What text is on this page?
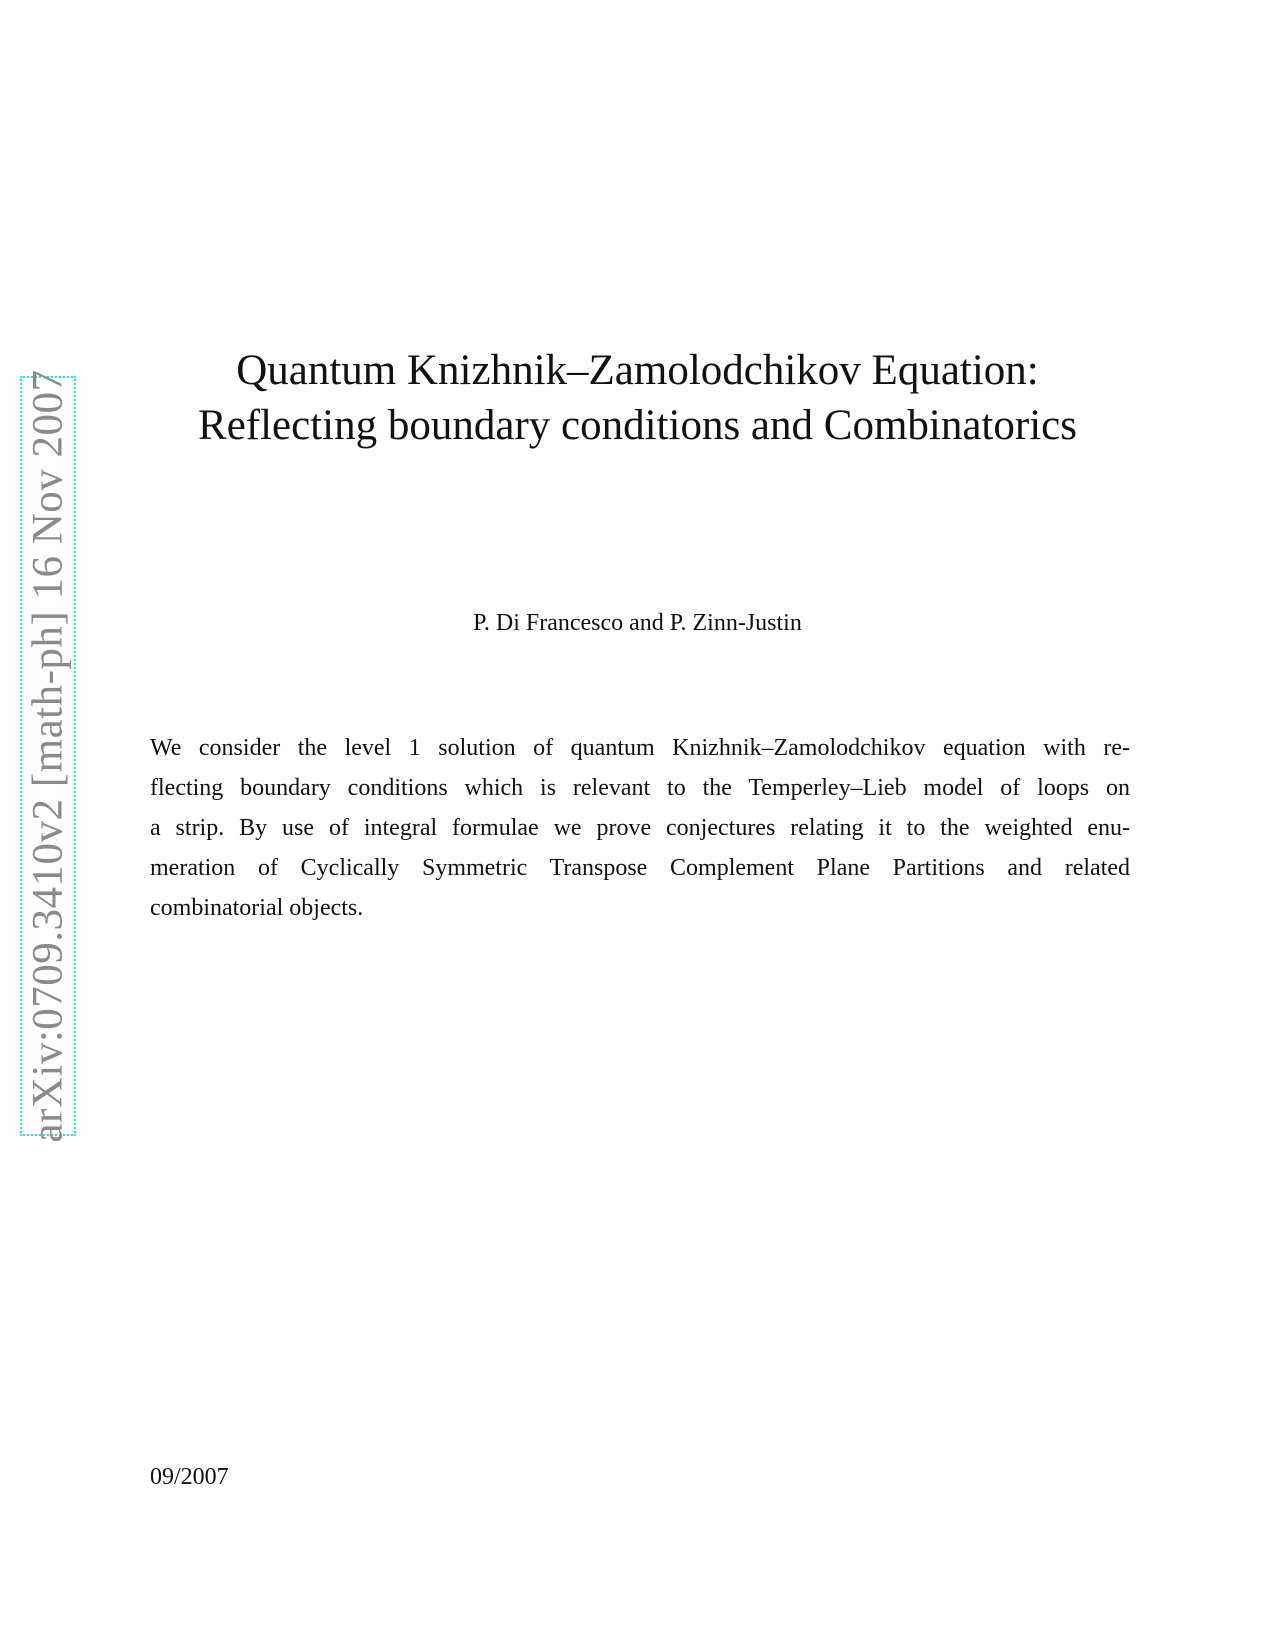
arXiv:0709.3410v2 [math-ph] 16 Nov 2007	Quantum Knizhnik–Zamolodchikov Equation:
Reflecting boundary conditions and Combinatorics
P. Di Francesco and P. Zinn-Justin
We consider the level 1 solution of quantum Knizhnik–Zamolodchikov equation with re-
flecting boundary conditions which is relevant to the Temperley–Lieb model of loops on
a strip. By use of integral formulae we prove conjectures relating it to the weighted enu-
meration of Cyclically Symmetric Transpose Complement Plane Partitions and related
combinatorial objects.
09/2007
